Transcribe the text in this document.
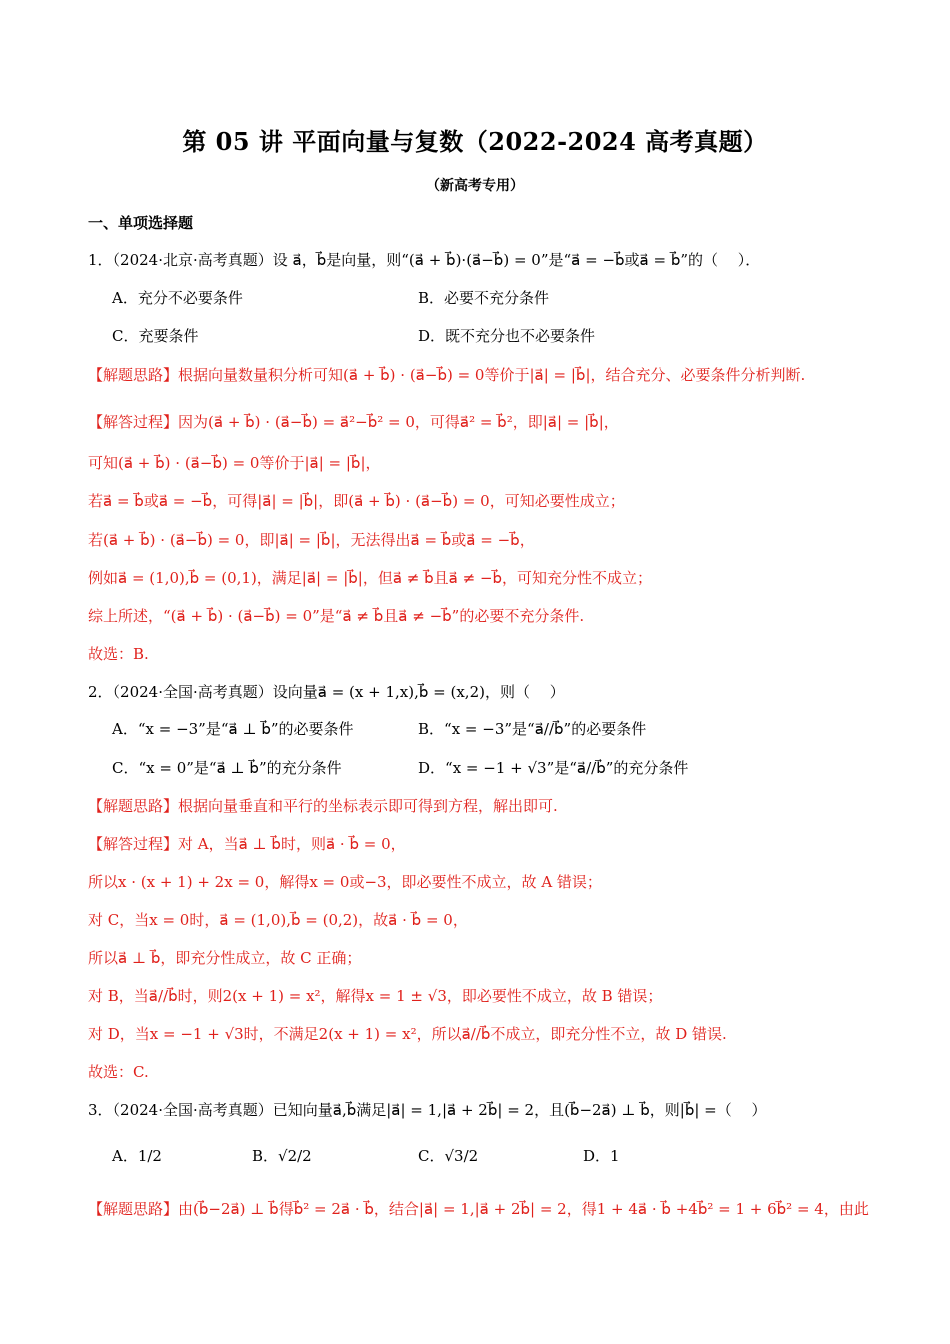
第 05 讲 平面向量与复数（2022-2024 高考真题）
（新高考专用）
一、单项选择题
1．（2024·北京·高考真题）设 a⃗，b⃗是向量，则“(a⃗ + b⃗)·(a⃗−b⃗) = 0”是“a⃗ = −b⃗或a⃗ = b⃗”的（　 ）．
A．充分不必要条件	B．必要不充分条件
C．充要条件	D．既不充分也不必要条件
【解题思路】根据向量数量积分析可知(a⃗ + b⃗) · (a⃗−b⃗) = 0等价于|a⃗| = |b⃗|，结合充分、必要条件分析判断.
【解答过程】因为(a⃗ + b⃗) · (a⃗−b⃗) = a⃗²−b⃗² = 0，可得a⃗² = b⃗²，即|a⃗| = |b⃗|，
可知(a⃗ + b⃗) · (a⃗−b⃗) = 0等价于|a⃗| = |b⃗|，
若a⃗ = b⃗或a⃗ = −b⃗，可得|a⃗| = |b⃗|，即(a⃗ + b⃗) · (a⃗−b⃗) = 0，可知必要性成立；
若(a⃗ + b⃗) · (a⃗−b⃗) = 0，即|a⃗| = |b⃗|，无法得出a⃗ = b⃗或a⃗ = −b⃗，
例如a⃗ = (1,0),b⃗ = (0,1)，满足|a⃗| = |b⃗|，但a⃗ ≠ b⃗且a⃗ ≠ −b⃗，可知充分性不成立；
综上所述，“(a⃗ + b⃗) · (a⃗−b⃗) = 0”是“a⃗ ≠ b⃗且a⃗ ≠ −b⃗”的必要不充分条件.
故选：B.
2．（2024·全国·高考真题）设向量a⃗ = (x + 1,x),b⃗ = (x,2)，则（　 ）
A．“x = −3”是“a⃗ ⊥ b⃗”的必要条件	B．“x = −3”是“a⃗//b⃗”的必要条件
C．“x = 0”是“a⃗ ⊥ b⃗”的充分条件	D．“x = −1 + √3”是“a⃗//b⃗”的充分条件
【解题思路】根据向量垂直和平行的坐标表示即可得到方程，解出即可.
【解答过程】对 A，当a⃗ ⊥ b⃗时，则a⃗ · b⃗ = 0，
所以x · (x + 1) + 2x = 0，解得x = 0或−3，即必要性不成立，故 A 错误；
对 C，当x = 0时，a⃗ = (1,0),b⃗ = (0,2)，故a⃗ · b⃗ = 0，
所以a⃗ ⊥ b⃗，即充分性成立，故 C 正确；
对 B，当a⃗//b⃗时，则2(x + 1) = x²，解得x = 1 ± √3，即必要性不成立，故 B 错误；
对 D，当x = −1 + √3时，不满足2(x + 1) = x²，所以a⃗//b⃗不成立，即充分性不立，故 D 错误.
故选：C.
3．（2024·全国·高考真题）已知向量a⃗,b⃗满足|a⃗| = 1,|a⃗ + 2b⃗| = 2，且(b⃗−2a⃗) ⊥ b⃗，则|b⃗| =（　 ）
A．1/2	B．√2/2	C．√3/2	D．1
【解题思路】由(b⃗−2a⃗) ⊥ b⃗得b⃗² = 2a⃗ · b⃗，结合|a⃗| = 1,|a⃗ + 2b⃗| = 2，得1 + 4a⃗ · b⃗ +4b⃗² = 1 + 6b⃗² = 4，由此
